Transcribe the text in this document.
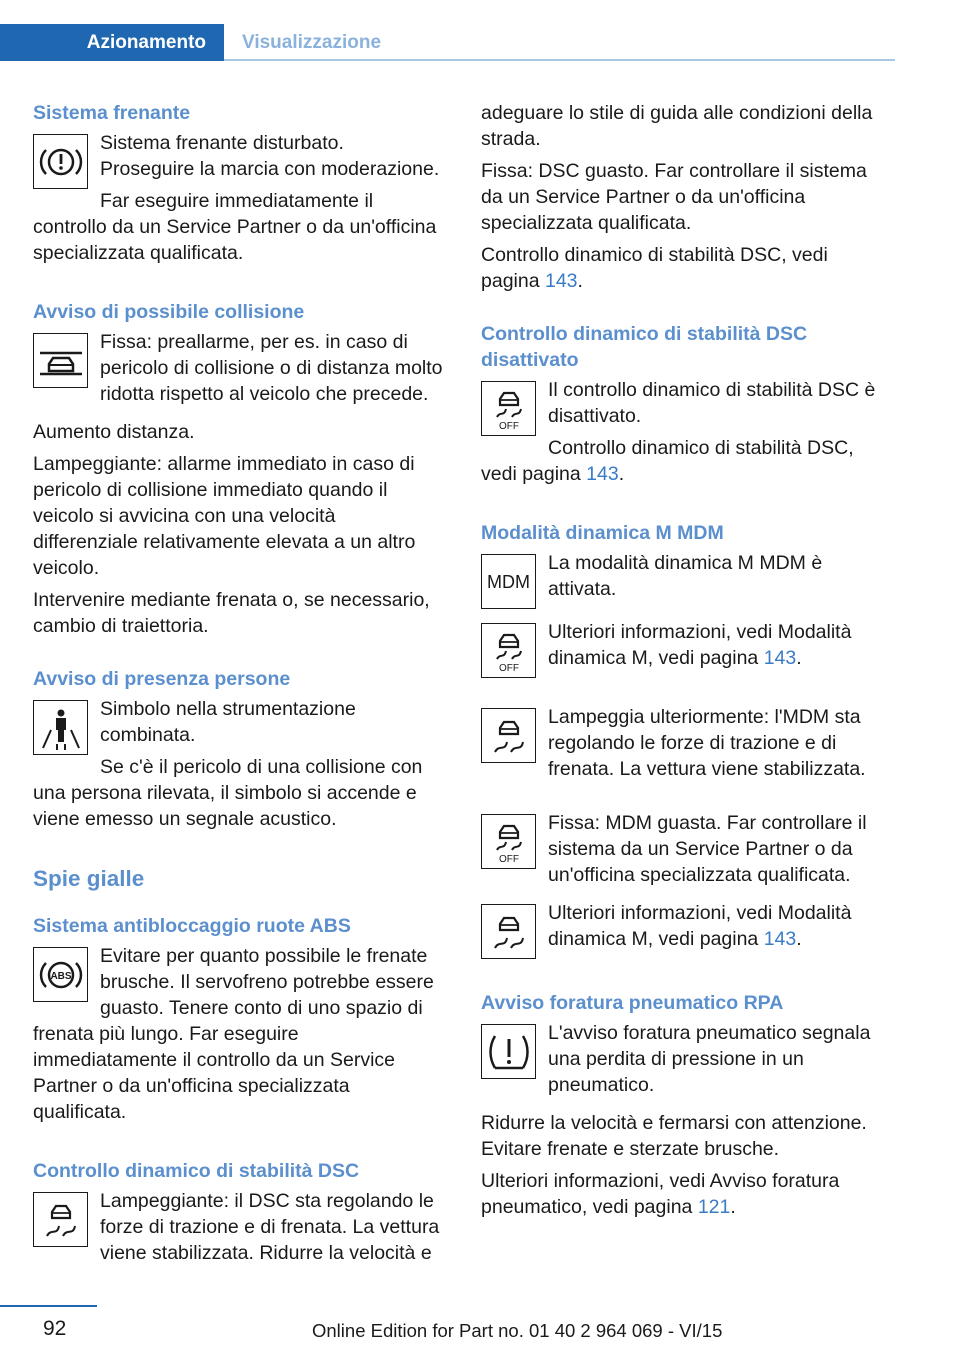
Azionamento	Visualizzazione
Sistema frenante

Sistema frenante disturbato. Proseguire la marcia con moderazione.

Far eseguire immediatamente il controllo da un Service Partner o da un'officina specializzata qualificata.

Avviso di possibile collisione

Fissa: preallarme, per es. in caso di pericolo di collisione o di distanza molto ridotta rispetto al veicolo che precede.

Aumento distanza.

Lampeggiante: allarme immediato in caso di pericolo di collisione immediato quando il veicolo si avvicina con una velocità differenziale relativamente elevata a un altro veicolo.

Intervenire mediante frenata o, se necessario, cambio di traiettoria.

Avviso di presenza persone

Simbolo nella strumentazione combinata.

Se c'è il pericolo di una collisione con una persona rilevata, il simbolo si accende e viene emesso un segnale acustico.

Spie gialle
Sistema antibloccaggio ruote ABS
ABS

Evitare per quanto possibile le frenate brusche. Il servofreno potrebbe essere guasto. Tenere conto di uno spazio di frenata più lungo. Far eseguire immediatamente il controllo da un Service Partner o da un'officina specializzata qualificata.

Controllo dinamico di stabilità DSC

Lampeggiante: il DSC sta regolando le forze di trazione e di frenata. La vettura viene stabilizzata. Ridurre la velocità e

adeguare lo stile di guida alle condizioni della strada.

Fissa: DSC guasto. Far controllare il sistema da un Service Partner o da un'officina specializzata qualificata.

Controllo dinamico di stabilità DSC, vedi pagina 143.

Controllo dinamico di stabilità DSC disattivato
OFF

Il controllo dinamico di stabilità DSC è disattivato.

Controllo dinamico di stabilità DSC, vedi pagina 143.

Modalità dinamica M MDM
MDM

La modalità dinamica M MDM è attivata.

OFF

Ulteriori informazioni, vedi Modalità dinamica M, vedi pagina 143.

Lampeggia ulteriormente: l'MDM sta regolando le forze di trazione e di frenata. La vettura viene stabilizzata.

OFF

Fissa: MDM guasta. Far controllare il sistema da un Service Partner o da un'officina specializzata qualificata.

Ulteriori informazioni, vedi Modalità dinamica M, vedi pagina 143.

Avviso foratura pneumatico RPA

L'avviso foratura pneumatico segnala una perdita di pressione in un pneumatico.

Ridurre la velocità e fermarsi con attenzione. Evitare frenate e sterzate brusche.

Ulteriori informazioni, vedi Avviso foratura pneumatico, vedi pagina 121.

92	Online Edition for Part no. 01 40 2 964 069 - VI/15
